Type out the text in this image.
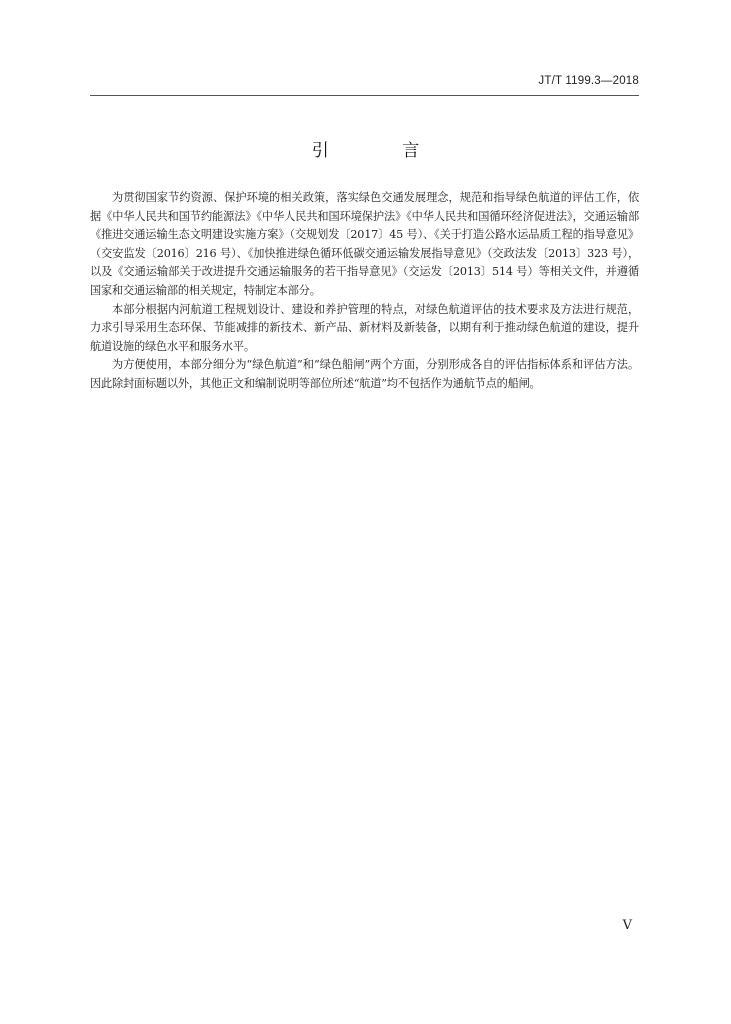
JT/T 1199.3—2018
引 言

为贯彻国家节约资源、保护环境的相关政策，落实绿色交通发展理念，规范和指导绿色航道的评估工作，依据《中华人民共和国节约能源法》《中华人民共和国环境保护法》《中华人民共和国循环经济促进法》，交通运输部《推进交通运输生态文明建设实施方案》（交规划发〔2017〕45 号）、《关于打造公路水运品质工程的指导意见》（交安监发〔2016〕216 号）、《加快推进绿色循环低碳交通运输发展指导意见》（交政法发〔2013〕323 号），以及《交通运输部关于改进提升交通运输服务的若干指导意见》（交运发〔2013〕514 号）等相关文件，并遵循国家和交通运输部的相关规定，特制定本部分。

本部分根据内河航道工程规划设计、建设和养护管理的特点，对绿色航道评估的技术要求及方法进行规范，力求引导采用生态环保、节能减排的新技术、新产品、新材料及新装备，以期有利于推动绿色航道的建设，提升航道设施的绿色水平和服务水平。

为方便使用，本部分细分为“绿色航道”和“绿色船闸”两个方面，分别形成各自的评估指标体系和评估方法。因此除封面标题以外，其他正文和编制说明等部位所述“航道”均不包括作为通航节点的船闸。

V
